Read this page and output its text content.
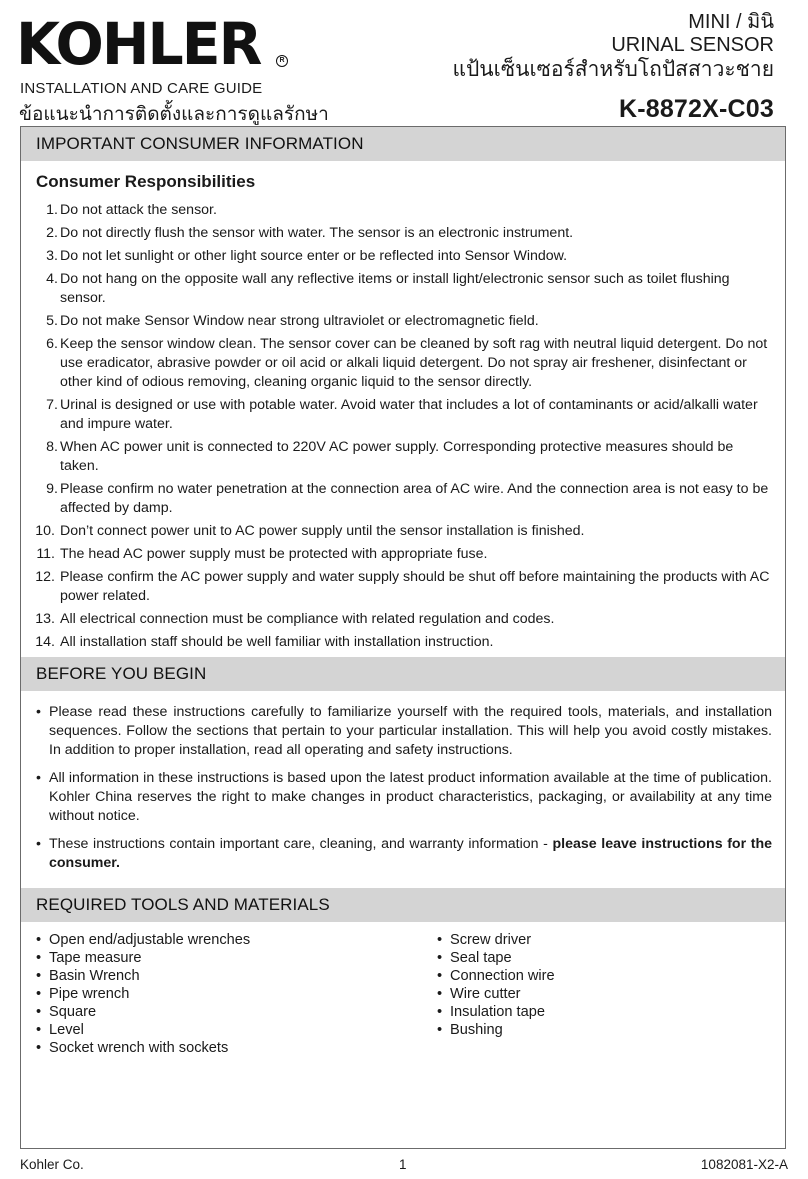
KOHLER	R
INSTALLATION AND CARE GUIDE
ข้อแนะนำการติดตั้งและการดูแลรักษา
MINI / มินิ
URINAL SENSOR
แป้นเซ็นเซอร์สำหรับโถปัสสาวะชาย
K-8872X-C03
IMPORTANT CONSUMER INFORMATION
Consumer Responsibilities
1. Do not attack the sensor.
2. Do not directly flush the sensor with water. The sensor is an electronic instrument.
3. Do not let sunlight or other light source enter or be reflected into Sensor Window.
4. Do not hang on the opposite wall any reflective items or install light/electronic sensor such as toilet flushing sensor.
5. Do not make Sensor Window near strong ultraviolet or electromagnetic field.
6. Keep the sensor window clean. The sensor cover can be cleaned by soft rag with neutral liquid detergent. Do not use eradicator, abrasive powder or oil acid or alkali liquid detergent. Do not spray air freshener, disinfectant or other kind of odious removing, cleaning organic liquid to the sensor directly.
7. Urinal is designed or use with potable water. Avoid water that includes a lot of contaminants or acid/alkalli water and impure water.
8. When AC power unit is connected to 220V AC power supply. Corresponding protective measures should be taken.
9. Please confirm no water penetration at the connection area of AC wire. And the connection area is not easy to be affected by damp.
10. Don’t connect power unit to AC power supply until the sensor installation is finished.
11. The head AC power supply must be protected with appropriate fuse.
12. Please confirm the AC power supply and water supply should be shut off before maintaining the products with AC power related.
13. All electrical connection must be compliance with related regulation and codes.
14. All installation staff should be well familiar with installation instruction.
BEFORE YOU BEGIN
• Please read these instructions carefully to familiarize yourself with the required tools, materials, and installation sequences. Follow the sections that pertain to your particular installation. This will help you avoid costly mistakes. In addition to proper installation, read all operating and safety instructions.
• All information in these instructions is based upon the latest product information available at the time of publication. Kohler China reserves the right to make changes in product characteristics, packaging, or availability at any time without notice.
• These instructions contain important care, cleaning, and warranty information - please leave instructions for the consumer.
REQUIRED TOOLS AND MATERIALS
• Open end/adjustable wrenches
• Tape measure
• Basin Wrench
• Pipe wrench
• Square
• Level
• Socket wrench with sockets
• Screw driver
• Seal tape
• Connection wire
• Wire cutter
• Insulation tape
• Bushing
Kohler Co.	1	1082081-X2-A
